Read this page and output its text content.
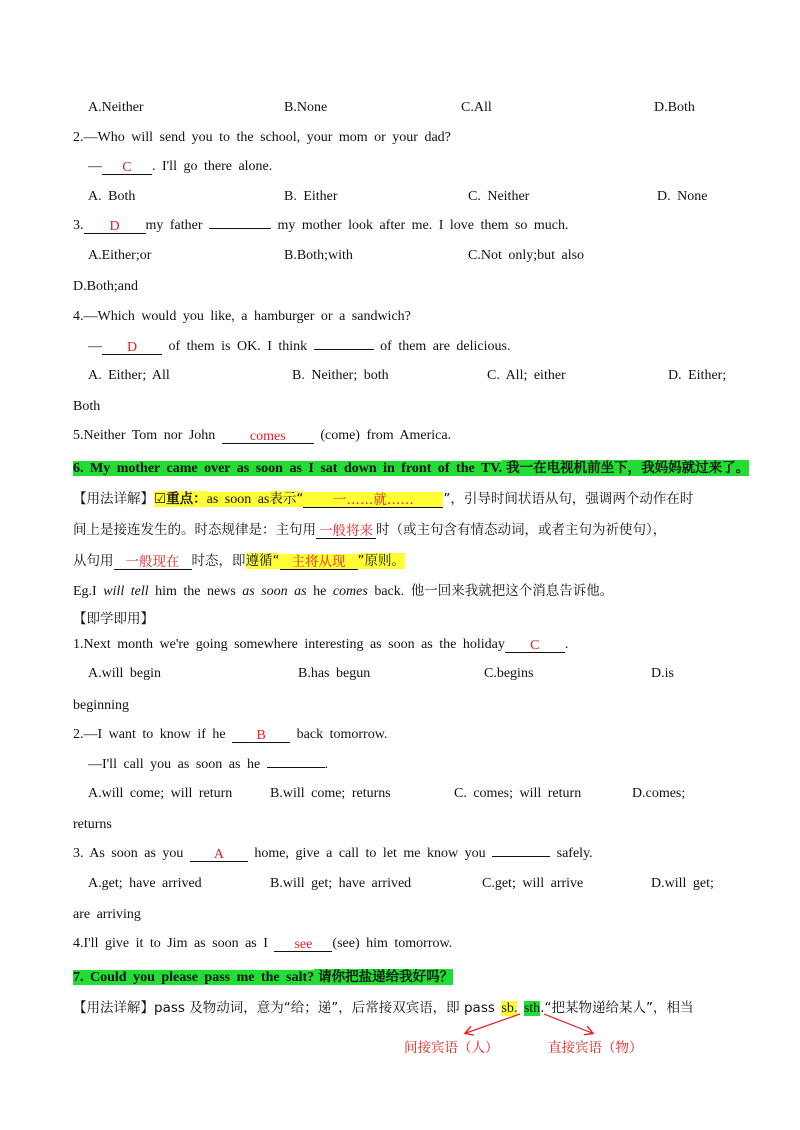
A.Neither	B.None	C.All	D.Both
2.—Who will send you to the school, your mom or your dad?
— C . I'll go there alone.
A. Both	B. Either	C. Neither	D. None
3. D my father	my mother look after me. I love them so much.
A.Either;or	B.Both;with	C.Not only;but also
D.Both;and
4.—Which would you like, a hamburger or a sandwich?
— D of them is OK. I think	of them are delicious.
A. Either; All	B. Neither; both	C. All; either	D. Either;
Both
5.Neither Tom nor John comes (come) from America.
6. My mother came over as soon as I sat down in front of the TV. 我一在电视机前坐下，我妈妈就过来了。
【用法详解】☑重点：as soon as表示“ 一……就…… ”，引导时间状语从句，强调两个动作在时
间上是接连发生的。时态规律是：主句用 一般将来 时（或主句含有情态动词，或者主句为祈使句），
从句用 一般现在 时态，即遵循“ 主将从现 ”原则。
Eg.I will tell him the news as soon as he comes back. 他一回来我就把这个消息告诉他。
【即学即用】
1.Next month we're going somewhere interesting as soon as the holiday C .
A.will begin	B.has begun	C.begins	D.is
beginning
2.—I want to know if he B back tomorrow.
—I'll call you as soon as he	.
A.will come; will return	B.will come; returns	C. comes; will return	D.comes;
returns
3. As soon as you A home, give a call to let me know you	safely.
A.get; have arrived	B.will get; have arrived	C.get; will arrive	D.will get;
are arriving
4.I'll give it to Jim as soon as I see (see) him tomorrow.
7. Could you please pass me the salt? 请你把盐递给我好吗？
【用法详解】pass 及物动词，意为“给；递”，后常接双宾语，即 pass sb. sth.“把某物递给某人”，相当
间接宾语（人）	直接宾语（物）
